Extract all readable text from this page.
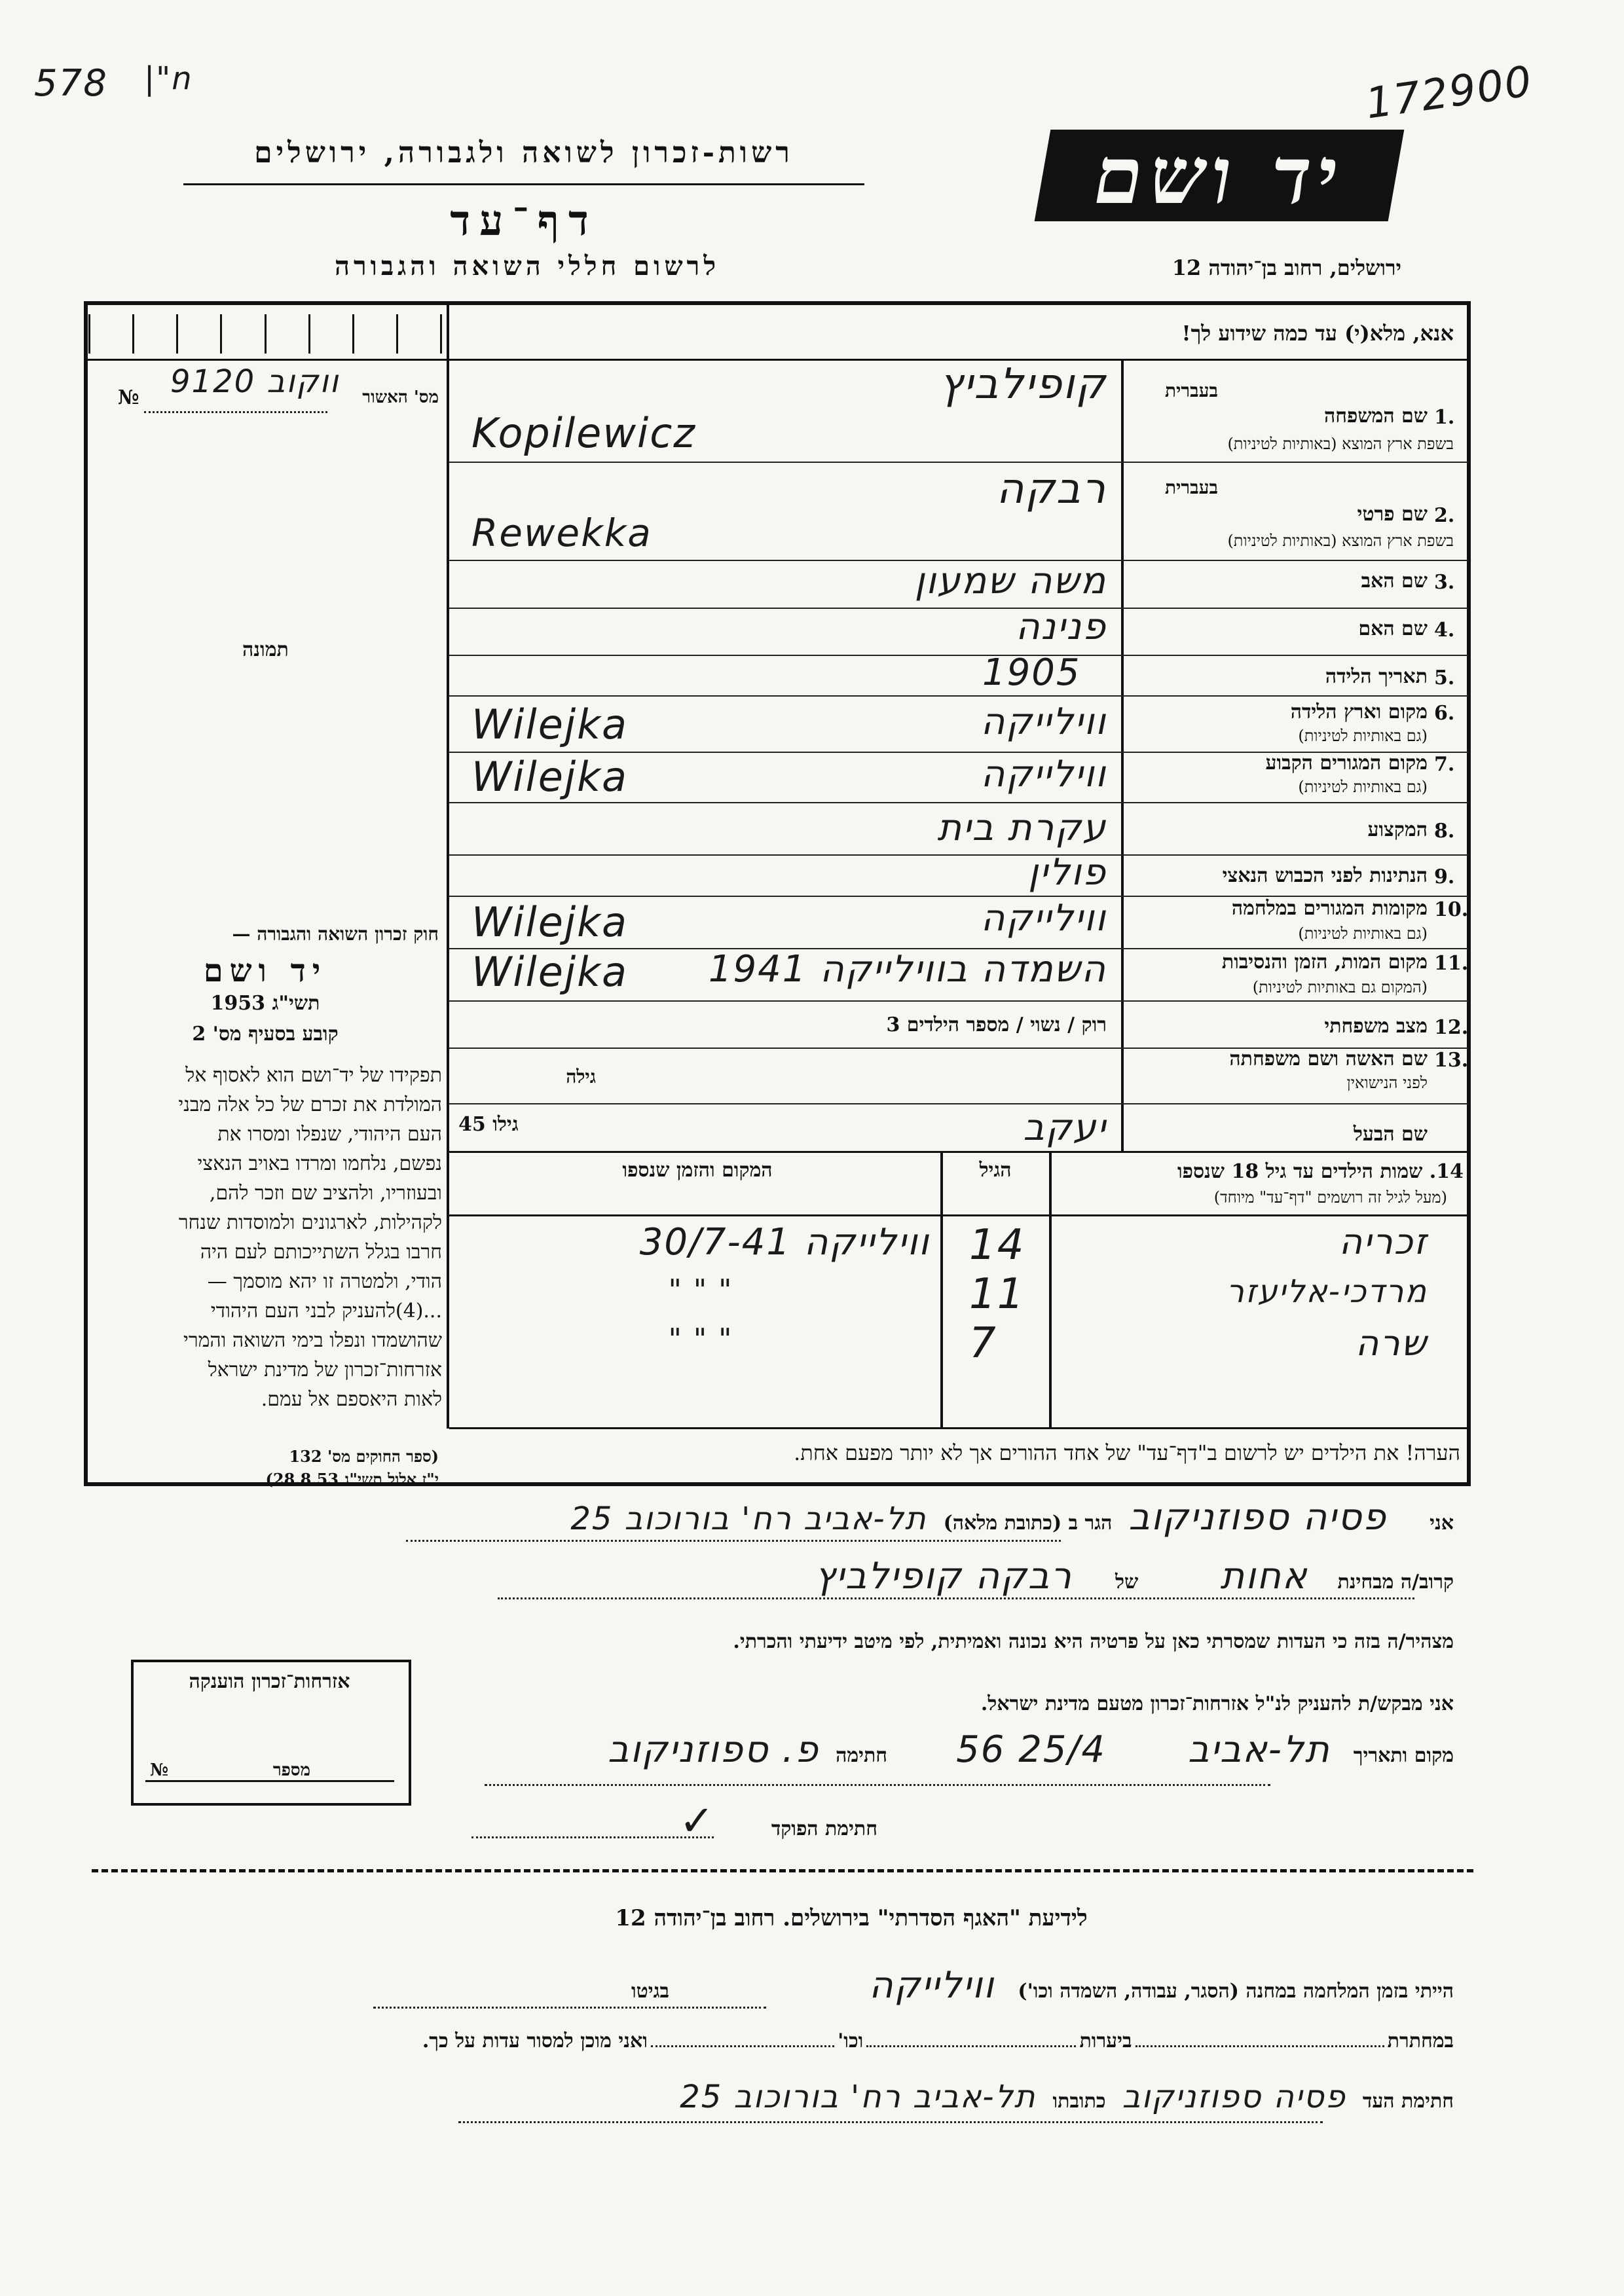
578 |"n	172900
רשות-זכרון לשואה ולגבורה, ירושלים
דף־עד
לרשום חללי השואה והגבורה
יד ושם
ירושלים, רחוב בן־יהודה 12
אנא, מלא(י) עד כמה שידוע לך!
№ ווקוב 9120	מס' האשור
תמונה
חוק זכרון השואה והגבורה —
יד ושם
תשי"ג 1953
קובע בסעיף מס' 2
תפקידו של יד־ושם הוא לאסוף אל
המולדת את זכרם של כל אלה מבני
העם היהודי, שנפלו ומסרו את
נפשם, נלחמו ומרדו באויב הנאצי
ובעוזריו, ולהציב שם וזכר להם,
לקהילות, לארגונים ולמוסדות שנחר
חרבו בגלל השתייכותם לעם היה
הודי, ולמטרה זו יהא מוסמך —
...(4)להעניק לבני העם היהודי
שהושמדו ונפלו בימי השואה והמרי
אזרחות־זכרון של מדינת ישראל
לאות היאספם אל עמם.
(ספר החוקים מס' 132
י"ז אלול תשי"ג 28.8.53)
1.
שם המשפחה
בשפת ארץ המוצא (באותיות לטיניות)
בעברית
קופילביץ
Kopilewicz
2.
שם פרטי
בשפת ארץ המוצא (באותיות לטיניות)
בעברית
רבקה
Rewekka
3.
שם האב
משה שמעון
4.
שם האם
פנינה
5.
תאריך הלידה
1905
6.
מקום וארץ הלידה
(גם באותיות לטיניות)
ווילייקה
Wilejka
7.
מקום המגורים הקבוע
(גם באותיות לטיניות)
ווילייקה
Wilejka
8.
המקצוע
עקרת בית
9.
הנתינות לפני הכבוש הנאצי
פולין
10.
מקומות המגורים במלחמה
(גם באותיות לטיניות)
ווילייקה
Wilejka
11.
מקום המות, הזמן והנסיבות
(המקום גם באותיות לטיניות)
השמדה בווילייקה 1941
Wilejka
12.
מצב משפחתי
רוק / נשוי / מספר הילדים 3
13.
שם האשה ושם משפחתה
לפני הנישואין
גילה
שם הבעל
יעקב
גילו 45
14. שמות הילדים עד גיל 18 שנספו
(מעל לגיל זה רושמים "דף־עד" מיוחד)
הגיל
המקום והזמן שנספו
זכריה
14
ווילייקה 30/7-41
מרדכי-אליעזר
11
" " "
שרה
7
" " "
הערה! את הילדים יש לרשום ב"דף־עד" של אחד ההורים אך לא יותר מפעם אחת.
אני פסיה ספוזניקוב הגר ב (כתובת מלאה) תל-אביב רח' בורוכוב 25
קרוב/ה מבחינת אחות של רבקה קופילביץ
מצהיר/ה בזה כי העדות שמסרתי כאן על פרטיה היא נכונה ואמיתית, לפי מיטב ידיעתי והכרתי.
אני מבקש/ת להעניק לנ"ל אזרחות־זכרון מטעם מדינת ישראל.
מקום ותאריך תל-אביב 25/4 56 חתימה פ. ספוזניקוב
חתימת הפוקד ✓
אזרחות־זכרון הוענקה
מספר
№
לידיעת "האגף הסדרתי" בירושלים. רחוב בן־יהודה 12
הייתי בזמן המלחמה במחנה (הסגר, עבודה, השמדה וכו') ווילייקה בגיטו
במחתרת  ביערות  וכו'  ואני מוכן למסור עדות על כך.
חתימת העד פסיה ספוזניקוב כתובתו תל-אביב רח' בורוכוב 25
